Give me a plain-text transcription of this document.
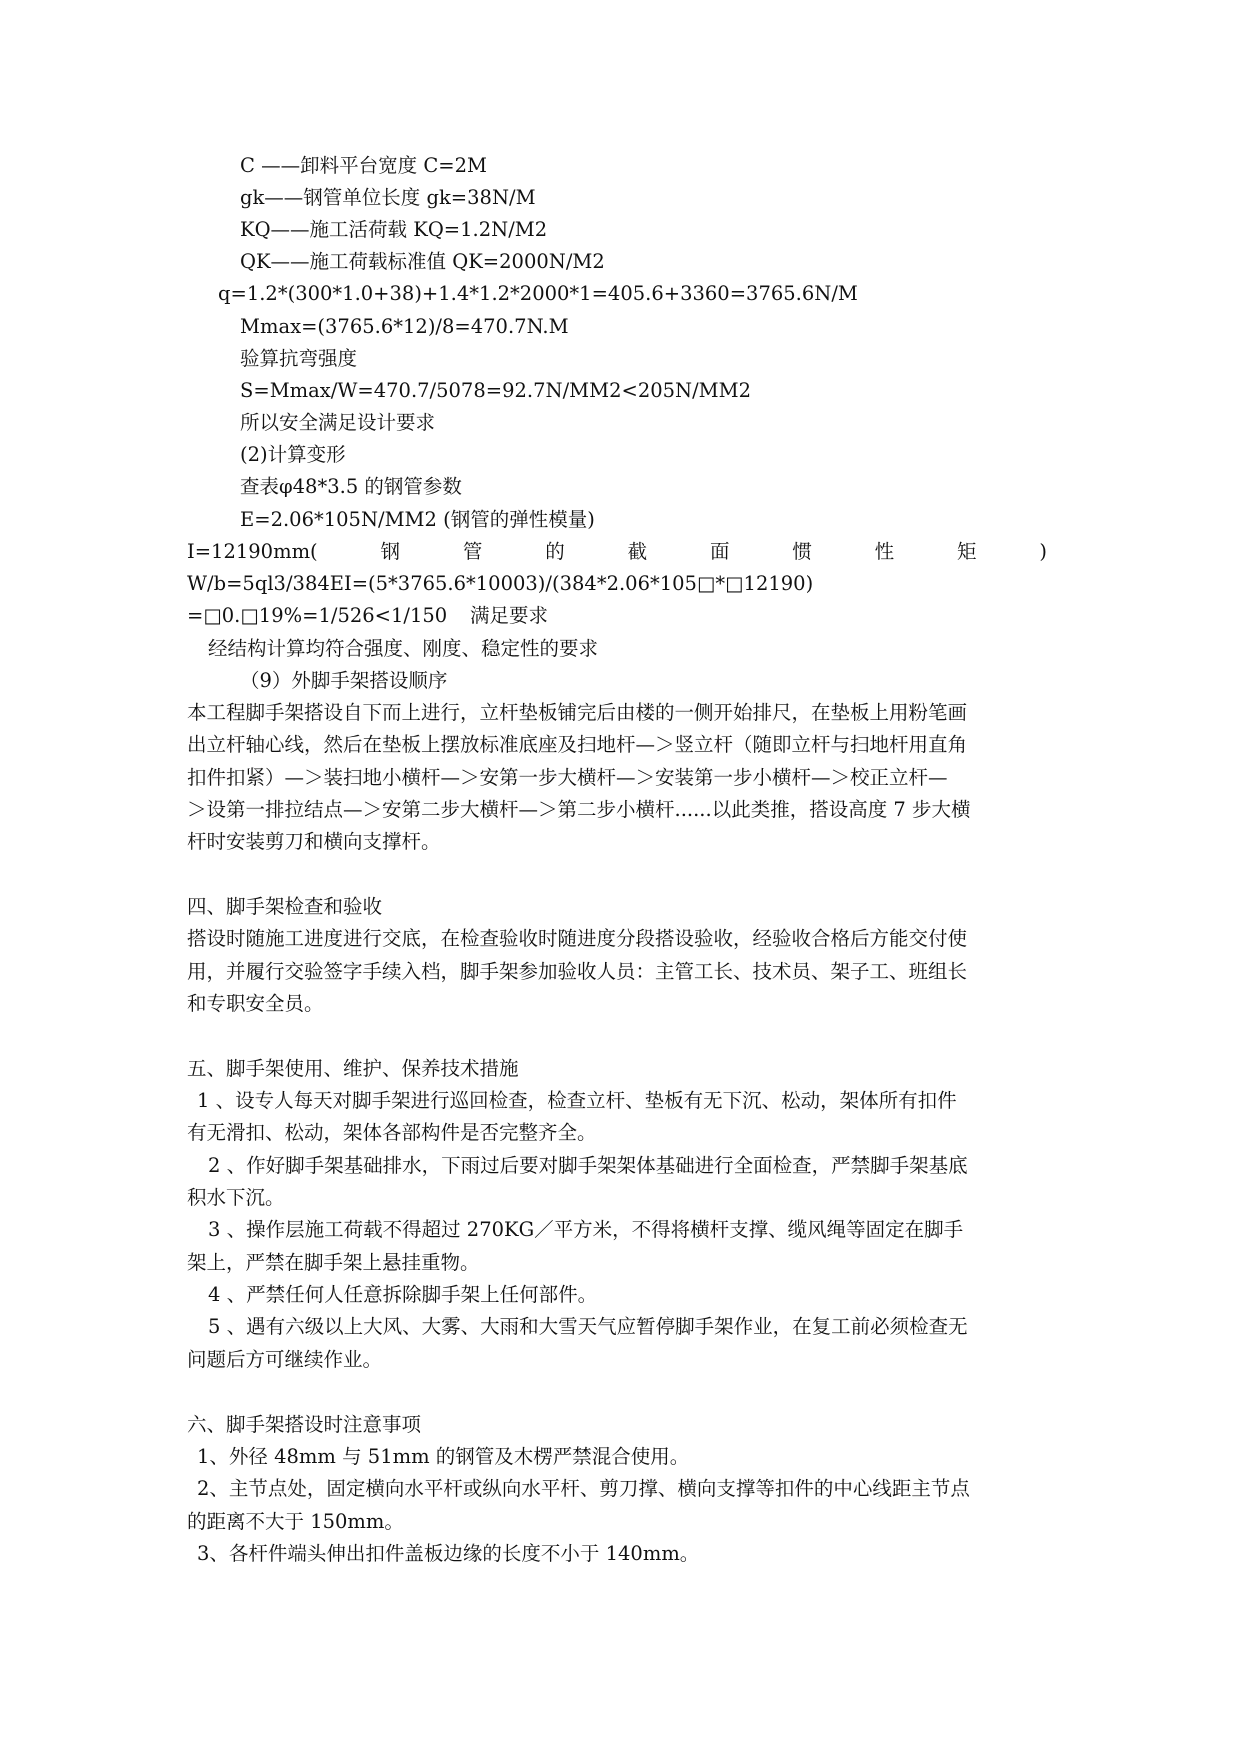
C ——卸料平台宽度 C=2M
gk——钢管单位长度 gk=38N/M
KQ——施工活荷载 KQ=1.2N/M2
QK——施工荷载标准值 QK=2000N/M2
q=1.2*(300*1.0+38)+1.4*1.2*2000*1=405.6+3360=3765.6N/M
Mmax=(3765.6*12)/8=470.7N.M
验算抗弯强度
S=Mmax/W=470.7/5078=92.7N/MM2<205N/MM2
所以安全满足设计要求
(2)计算变形
查表φ48*3.5 的钢管参数
E=2.06*105N/MM2 (钢管的弹性模量)
I=12190mm(	钢	管	的	截	面	惯	性	矩	)
W/b=5ql3/384EI=(5*3765.6*10003)/(384*2.06*105□*□12190)
=□0.□19%=1/526<1/150 满足要求
经结构计算均符合强度、刚度、稳定性的要求
（9）外脚手架搭设顺序
本工程脚手架搭设自下而上进行，立杆垫板铺完后由楼的一侧开始排尺，在垫板上用粉笔画
出立杆轴心线，然后在垫板上摆放标准底座及扫地杆—＞竖立杆（随即立杆与扫地杆用直角
扣件扣紧）—＞装扫地小横杆—＞安第一步大横杆—＞安装第一步小横杆—＞校正立杆—
＞设第一排拉结点—＞安第二步大横杆—＞第二步小横杆......以此类推，搭设高度 7 步大横
杆时安装剪刀和横向支撑杆。
四、脚手架检查和验收
搭设时随施工进度进行交底，在检查验收时随进度分段搭设验收，经验收合格后方能交付使
用，并履行交验签字手续入档，脚手架参加验收人员：主管工长、技术员、架子工、班组长
和专职安全员。
五、脚手架使用、维护、保养技术措施
1 、设专人每天对脚手架进行巡回检查，检查立杆、垫板有无下沉、松动，架体所有扣件
有无滑扣、松动，架体各部构件是否完整齐全。
2 、作好脚手架基础排水，下雨过后要对脚手架架体基础进行全面检查，严禁脚手架基底
积水下沉。
3 、操作层施工荷载不得超过 270KG／平方米，不得将横杆支撑、缆风绳等固定在脚手
架上，严禁在脚手架上悬挂重物。
4 、严禁任何人任意拆除脚手架上任何部件。
5 、遇有六级以上大风、大雾、大雨和大雪天气应暂停脚手架作业，在复工前必须检查无
问题后方可继续作业。
六、脚手架搭设时注意事项
1、外径 48mm 与 51mm 的钢管及木楞严禁混合使用。
2、主节点处，固定横向水平杆或纵向水平杆、剪刀撑、横向支撑等扣件的中心线距主节点
的距离不大于 150mm。
3、各杆件端头伸出扣件盖板边缘的长度不小于 140mm。
